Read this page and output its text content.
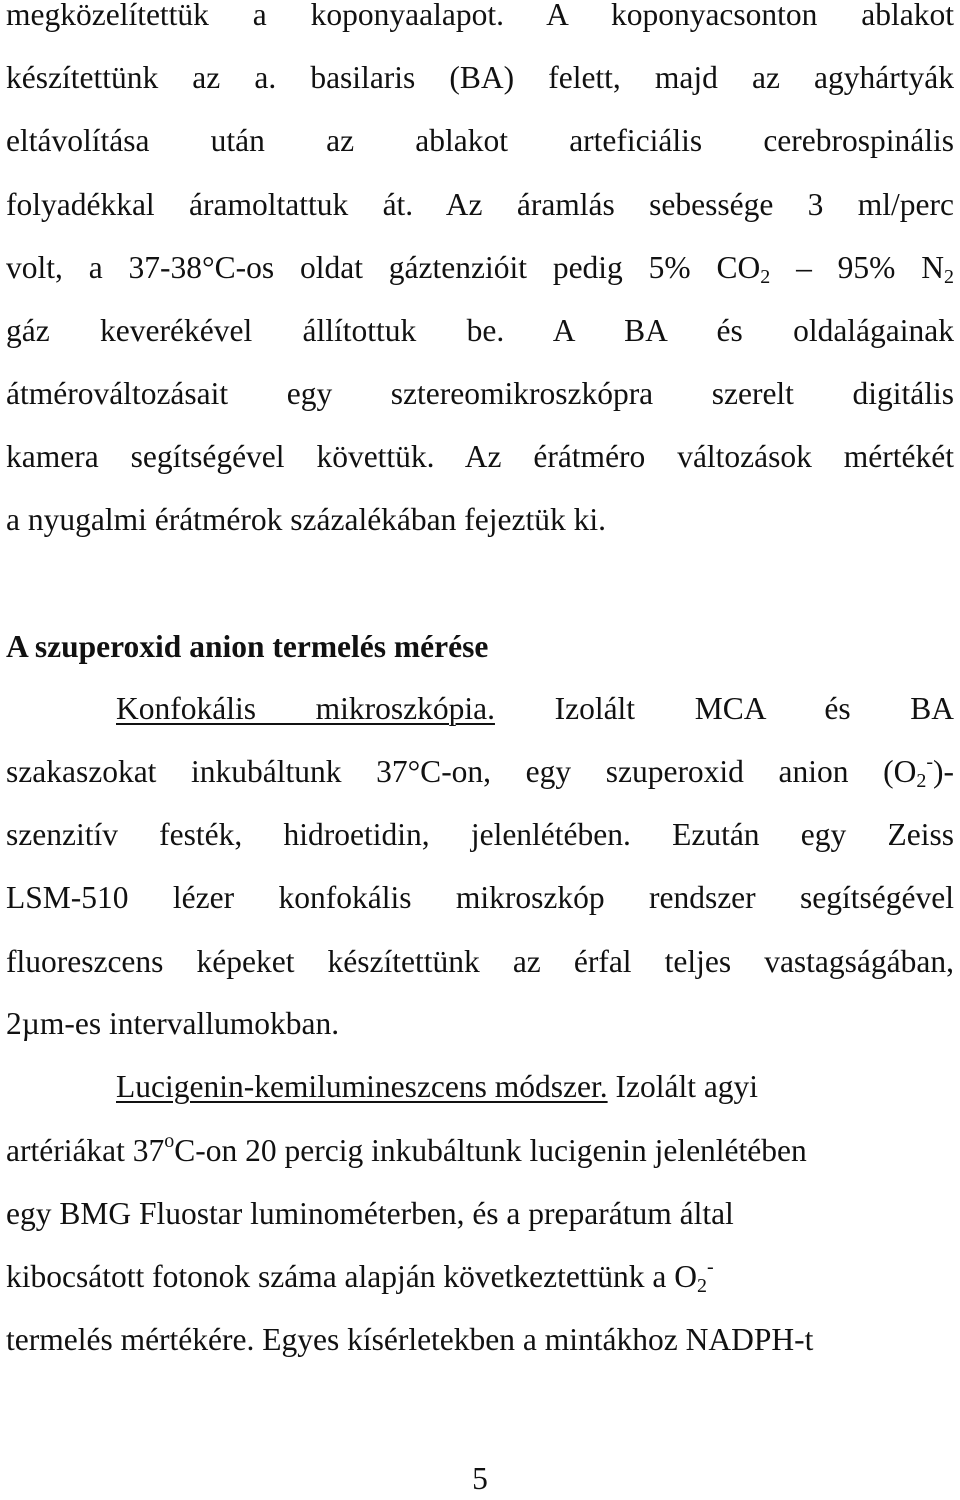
megközelítettük a koponyaalapot. A koponyacsonton ablakot
készítettünk az a. basilaris (BA) felett, majd az agyhártyák
eltávolítása után az ablakot arteficiális cerebrospinális
folyadékkal áramoltattuk át. Az áramlás sebessége 3 ml/perc
volt, a 37-38°C-os oldat gáztenzióit pedig 5% $CO_2 - 95\%$ $N_2$
gáz keverékével állítottuk be. A BA és oldalágainak
átmérováltozásait egy sztereomikroszkópra szerelt digitális
kamera segítségével követtük. Az érátméro változások mértékét
a nyugalmi érátmérok százalékában fejeztük ki.
A szuperoxid anion termelés mérése
Konfokális mikroszkópia. Izolált MCA és BA
szakaszokat inkubáltunk 37°C-on, egy szuperoxid anion $(O_2^-)-$
szenzitív festék, hidroetidin, jelenlétében. Ezután egy Zeiss
LSM-510 lézer konfokális mikroszkóp rendszer segítségével
fluoreszcens képeket készítettünk az érfal teljes vastagságában,
2µm-es intervallumokban.
Lucigenin-kemilumineszcens módszer. Izolált agyi
artériákat 37$^o$C-on 20 percig inkubáltunk lucigenin jelenlétében
egy BMG Fluostar luminométerben, és a preparátum által
kibocsátott fotonok száma alapján következtettünk a $O_2^-$
termelés mértékére. Egyes kísérletekben a mintákhoz NADPH-t
5
